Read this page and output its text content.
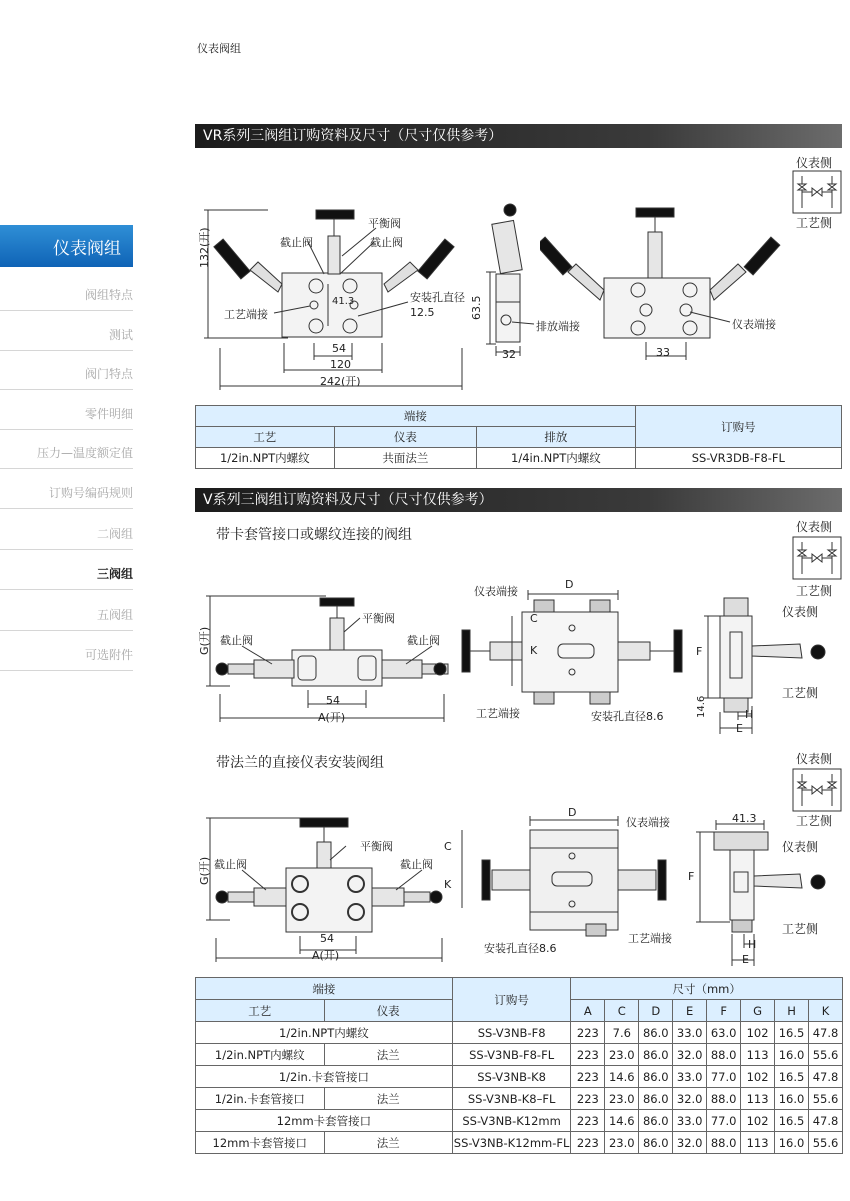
仪表阀组
仪表阀组
阀组特点
测试
阀门特点
零件明细
压力—温度额定值
订购号编码规则
二阀组
三阀组
五阀组
可选附件
VR系列三阀组订购资料及尺寸（尺寸仅供参考）
仪表侧
工艺侧
132(开)
平衡阀
截止阀	截止阀
41.3
工艺端接
安装孔直径12.5
54
120
242(开)
63.5
排放端接
32
仪表端接
33
端接			订购号
工艺	仪表	排放	
1/2in.NPT内螺纹	共面法兰	1/4in.NPT内螺纹	SS-VR3DB-F8-FL
V系列三阀组订购资料及尺寸（尺寸仅供参考）
带卡套管接口或螺纹连接的阀组	仪表侧
工艺侧
G(开) 截止阀
平衡阀
截止阀
54
A(开)
仪表端接
D
C
K
工艺端接	安装孔直径8.6
仪表侧
F
工艺侧
14.6	H
E
带法兰的直接仪表安装阀组	仪表侧
工艺侧
G(开) 截止阀
平衡阀
截止阀
54
A(开)
D
C
K
仪表端接
安装孔直径8.6
工艺端接
41.3
F
仪表侧
工艺侧
H
E
端接		订购号	尺寸（mm）							
工艺	仪表		A	C	D	E	F	G	H	K
1/2in.NPT内螺纹		SS-V3NB-F8	223	7.6	86.0	33.0	63.0	102	16.5	47.8
1/2in.NPT内螺纹	法兰	SS-V3NB-F8-FL	223	23.0	86.0	32.0	88.0	113	16.0	55.6
1/2in.卡套管接口		SS-V3NB-K8	223	14.6	86.0	33.0	77.0	102	16.5	47.8
1/2in.卡套管接口	法兰	SS-V3NB-K8–FL	223	23.0	86.0	32.0	88.0	113	16.0	55.6
12mm卡套管接口		SS-V3NB-K12mm	223	14.6	86.0	33.0	77.0	102	16.5	47.8
12mm卡套管接口	法兰	SS-V3NB-K12mm-FL	223	23.0	86.0	32.0	88.0	113	16.0	55.6
